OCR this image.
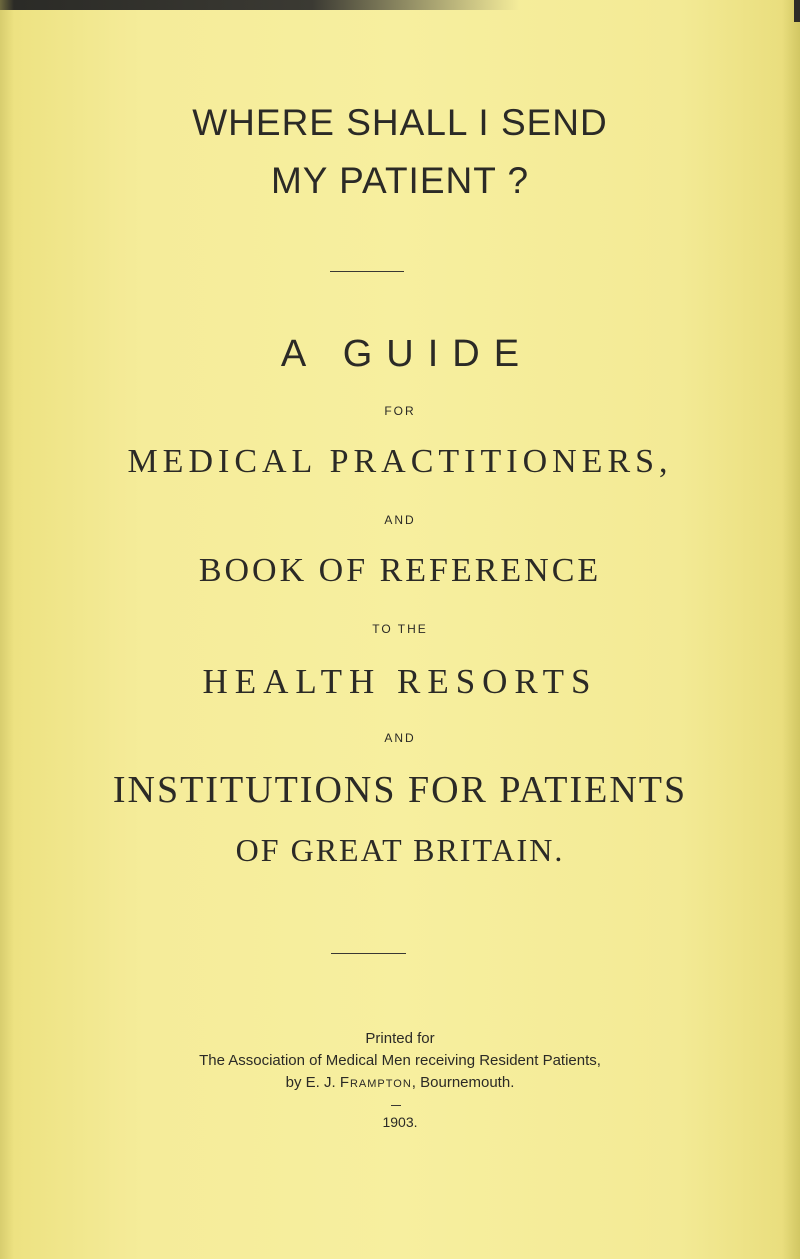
WHERE SHALL I SEND
MY PATIENT ?
A GUIDE
FOR
MEDICAL PRACTITIONERS,
AND
BOOK OF REFERENCE
TO THE
HEALTH RESORTS
AND
INSTITUTIONS FOR PATIENTS
OF GREAT BRITAIN.
Printed for
The Association of Medical Men receiving Resident Patients,
by E. J. Frampton, Bournemouth.
1903.
